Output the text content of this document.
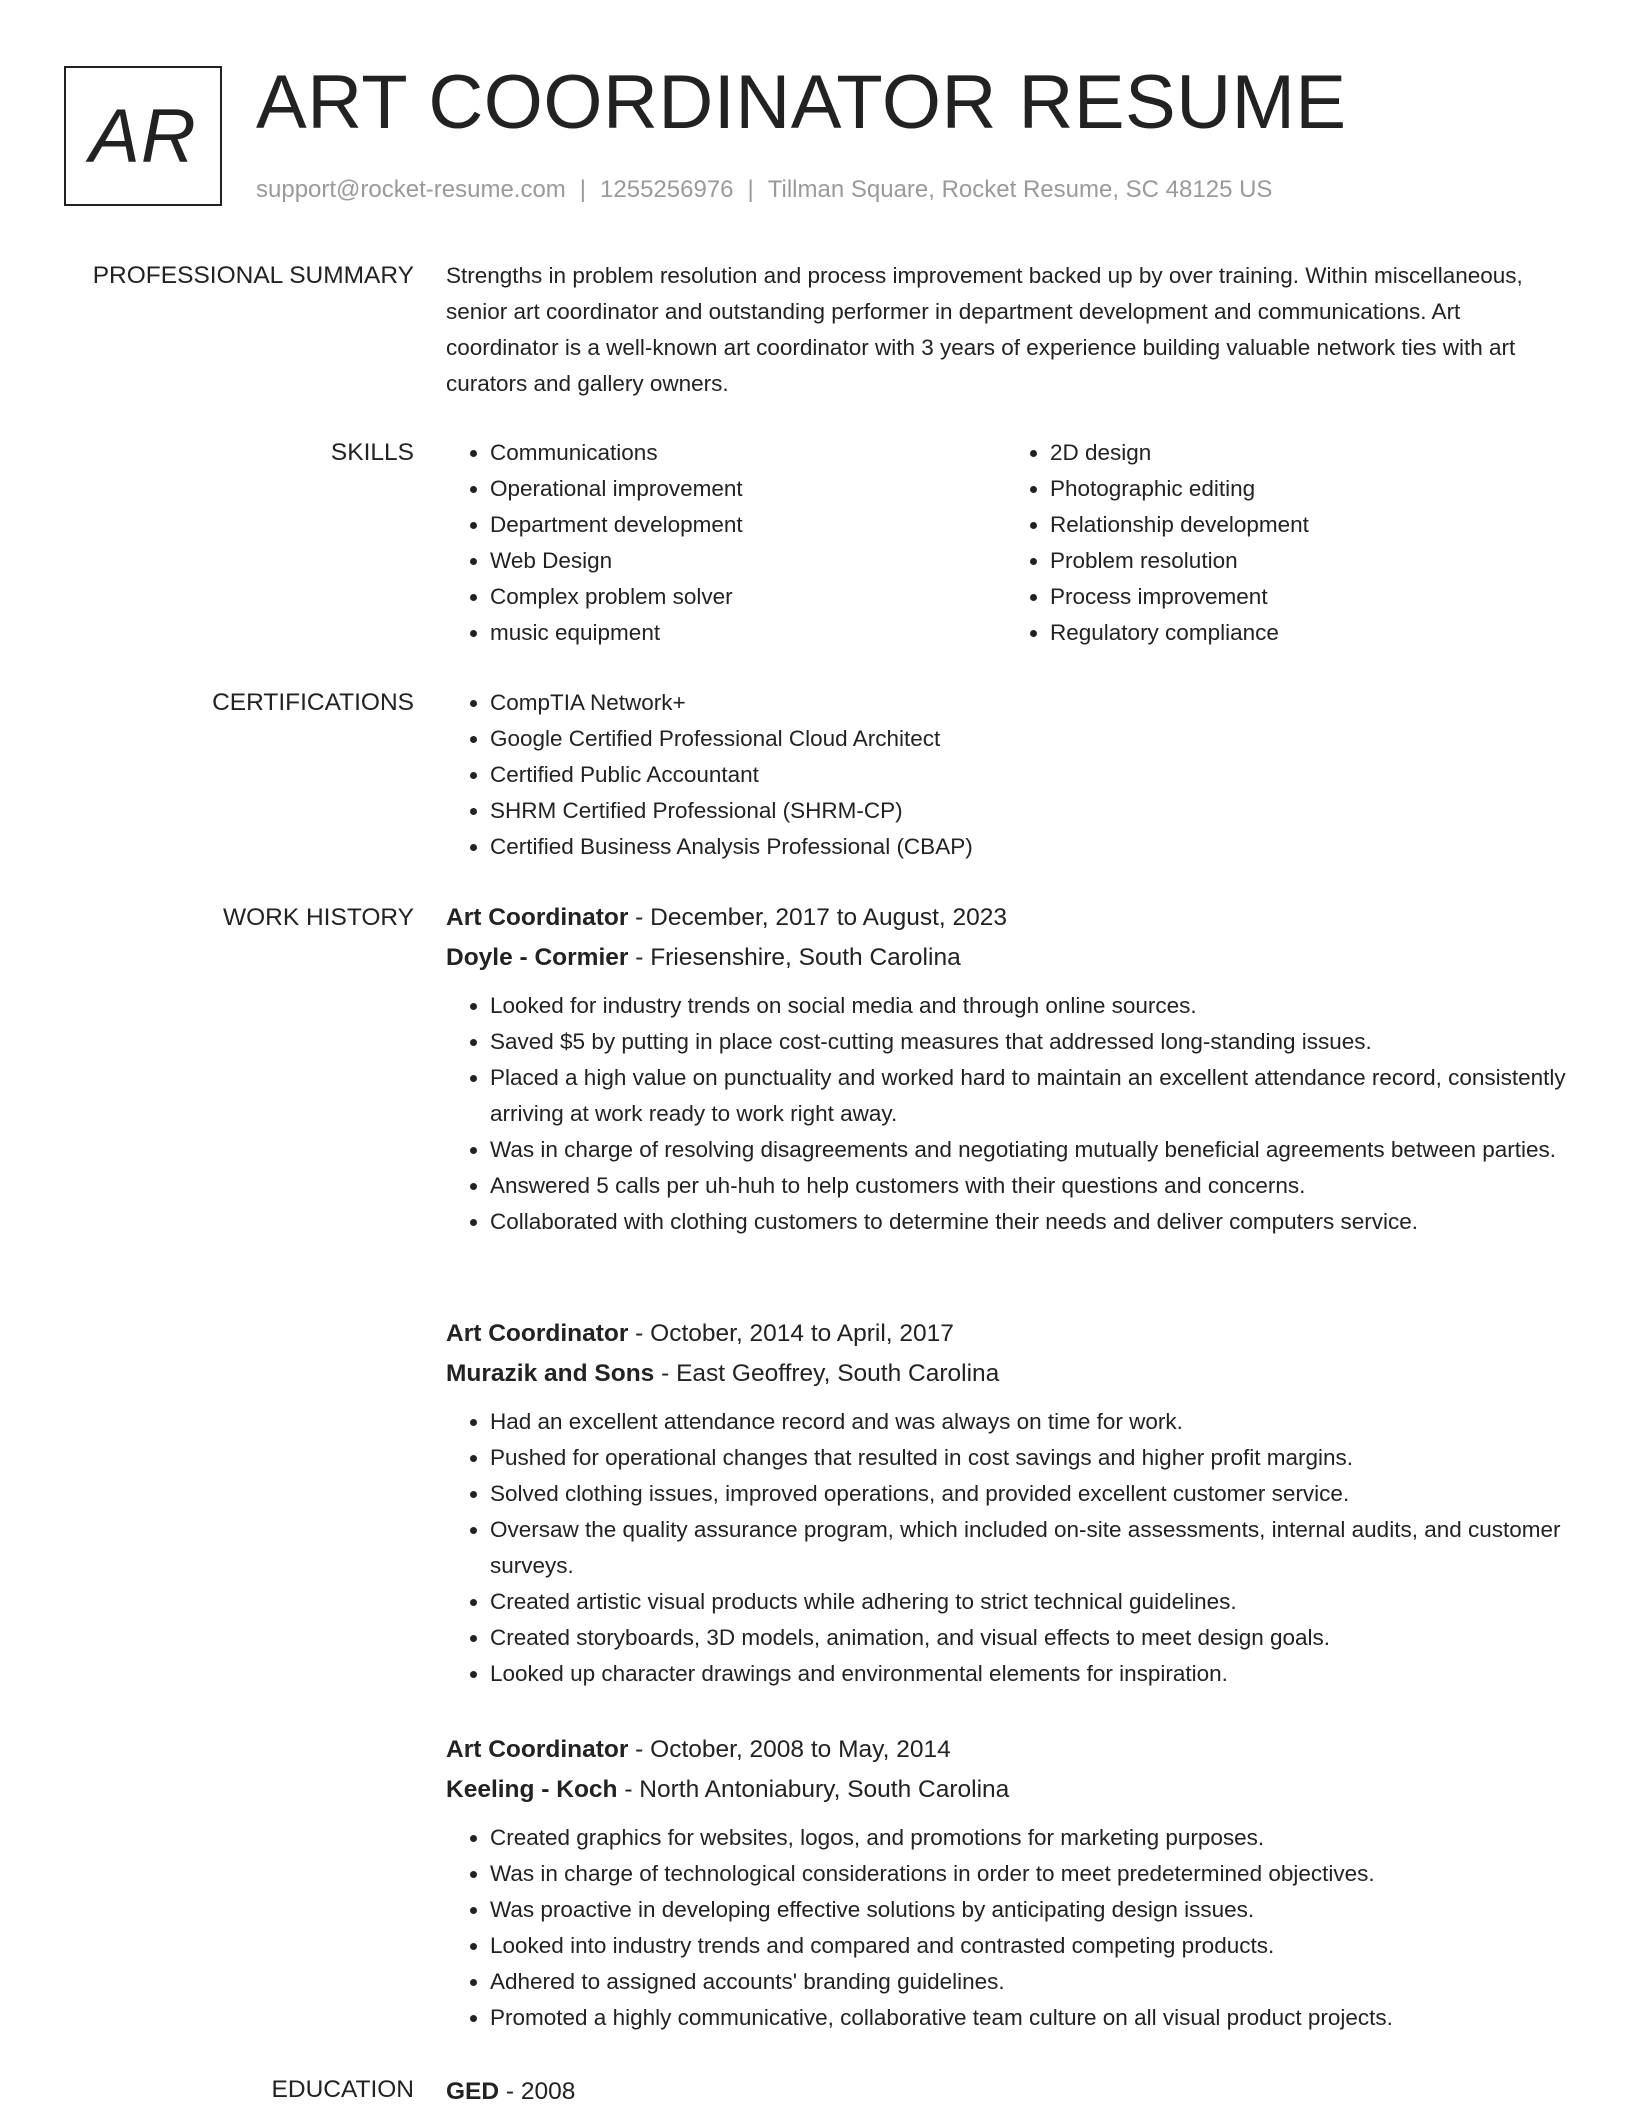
AR ART COORDINATOR RESUME
support@rocket-resume.com | 1255256976 | Tillman Square, Rocket Resume, SC 48125 US
PROFESSIONAL SUMMARY Strengths in problem resolution and process improvement backed up by over training. Within miscellaneous, senior art coordinator and outstanding performer in department development and communications. Art coordinator is a well-known art coordinator with 3 years of experience building valuable network ties with art curators and gallery owners.

SKILLS	• Communications
• Operational improvement
• Department development
• Web Design
• Complex problem solver
• music equipment
• 2D design
• Photographic editing
• Relationship development
• Problem resolution
• Process improvement
• Regulatory compliance
CERTIFICATIONS	• CompTIA Network+
• Google Certified Professional Cloud Architect
• Certified Public Accountant
• SHRM Certified Professional (SHRM-CP)
• Certified Business Analysis Professional (CBAP)
WORK HISTORY Art Coordinator - December, 2017 to August, 2023
Doyle - Cormier - Friesenshire, South Carolina
• Looked for industry trends on social media and through online sources.
• Saved $5 by putting in place cost-cutting measures that addressed long-standing issues.
• Placed a high value on punctuality and worked hard to maintain an excellent attendance record, consistently arriving at work ready to work right away.
• Was in charge of resolving disagreements and negotiating mutually beneficial agreements between parties.
• Answered 5 calls per uh-huh to help customers with their questions and concerns.
• Collaborated with clothing customers to determine their needs and deliver computers service.
Art Coordinator - October, 2014 to April, 2017
Murazik and Sons - East Geoffrey, South Carolina
• Had an excellent attendance record and was always on time for work.
• Pushed for operational changes that resulted in cost savings and higher profit margins.
• Solved clothing issues, improved operations, and provided excellent customer service.
• Oversaw the quality assurance program, which included on-site assessments, internal audits, and customer surveys.
• Created artistic visual products while adhering to strict technical guidelines.
• Created storyboards, 3D models, animation, and visual effects to meet design goals.
• Looked up character drawings and environmental elements for inspiration.
Art Coordinator - October, 2008 to May, 2014
Keeling - Koch - North Antoniabury, South Carolina
• Created graphics for websites, logos, and promotions for marketing purposes.
• Was in charge of technological considerations in order to meet predetermined objectives.
• Was proactive in developing effective solutions by anticipating design issues.
• Looked into industry trends and compared and contrasted competing products.
• Adhered to assigned accounts' branding guidelines.
• Promoted a highly communicative, collaborative team culture on all visual product projects.
EDUCATION GED - 2008
